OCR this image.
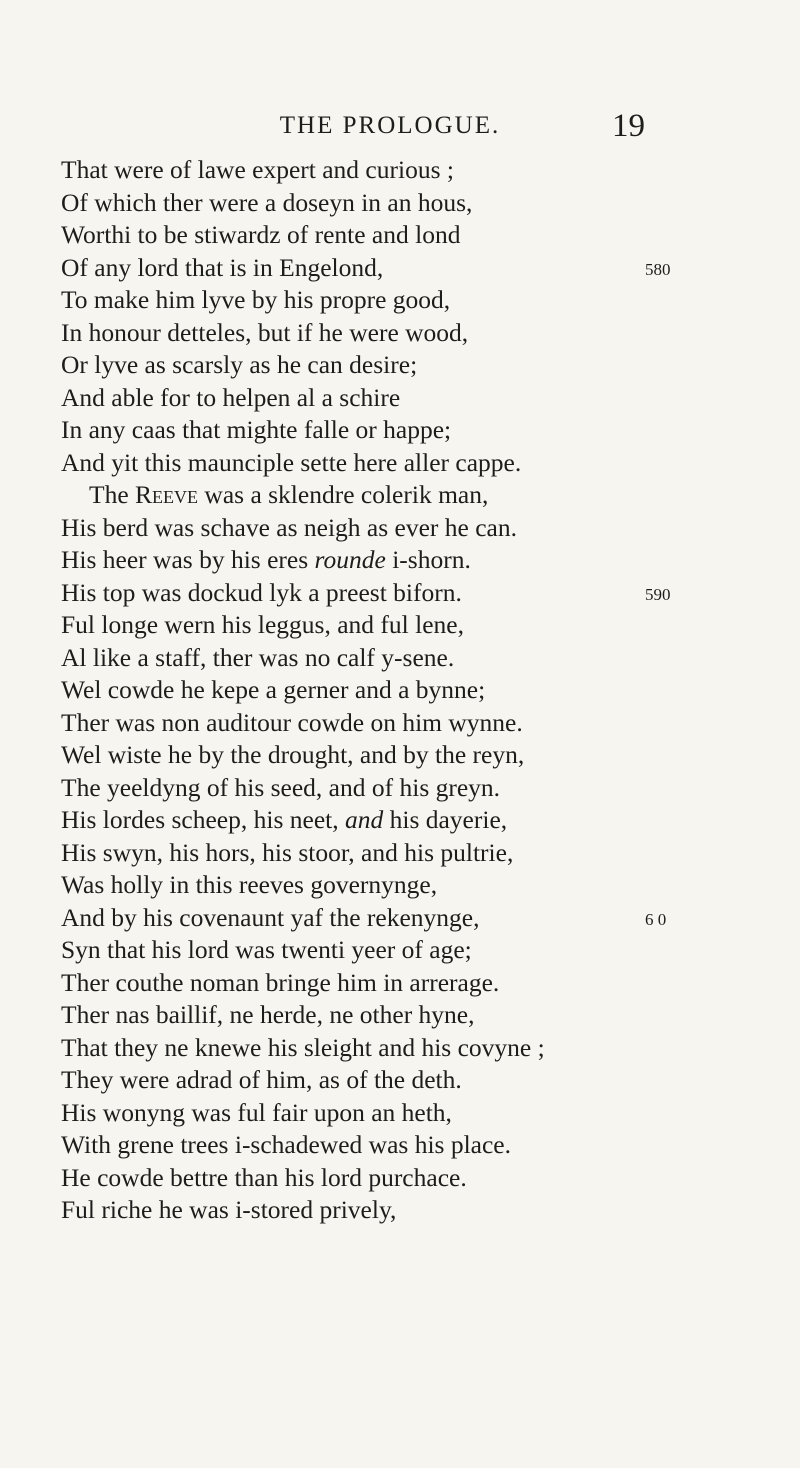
THE PROLOGUE.	19
That were of lawe expert and curious ;
Of which ther were a doseyn in an hous,
Worthi to be stiwardz of rente and lond
Of any lord that is in Engelond,	580
To make him lyve by his propre good,
In honour detteles, but if he were wood,
Or lyve as scarsly as he can desire;
And able for to helpen al a schire
In any caas that mighte falle or happe;
And yit this maunciple sette here aller cappe.
The Reeve was a sklendre colerik man,
His berd was schave as neigh as ever he can.
His heer was by his eres rounde i-shorn.
His top was dockud lyk a preest biforn.	590
Ful longe wern his leggus, and ful lene,
Al like a staff, ther was no calf y-sene.
Wel cowde he kepe a gerner and a bynne;
Ther was non auditour cowde on him wynne.
Wel wiste he by the drought, and by the reyn,
The yeeldyng of his seed, and of his greyn.
His lordes scheep, his neet, and his dayerie,
His swyn, his hors, his stoor, and his pultrie,
Was holly in this reeves governynge,
And by his covenaunt yaf the rekenynge,	6 0
Syn that his lord was twenti yeer of age;
Ther couthe noman bringe him in arrerage.
Ther nas baillif, ne herde, ne other hyne,
That they ne knewe his sleight and his covyne ;
They were adrad of him, as of the deth.
His wonyng was ful fair upon an heth,
With grene trees i-schadewed was his place.
He cowde bettre than his lord purchace.
Ful riche he was i-stored prively,
